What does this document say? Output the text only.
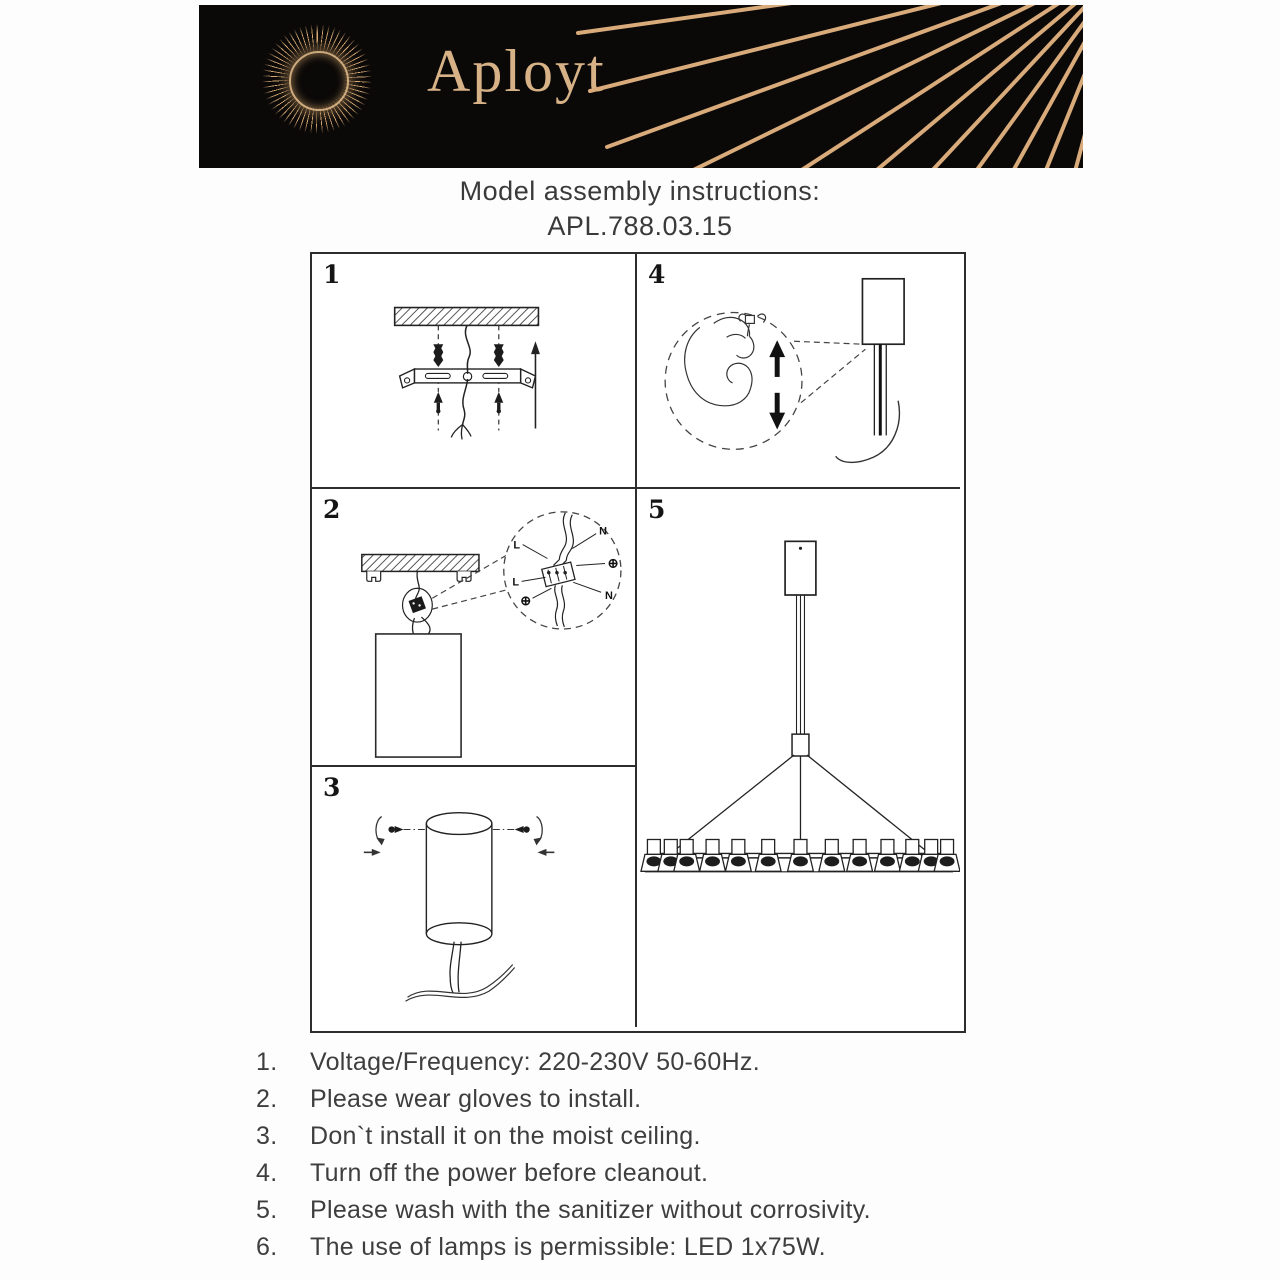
Aployt
Model assembly instructions:
APL.788.03.15
1
L
N
⊕
L
N
⊕
2
3
4
5
1.	Voltage/Frequency: 220-230V 50-60Hz.
2.	Please wear gloves to install.
3.	Don`t install it on the moist ceiling.
4.	Turn off the power before cleanout.
5.	Please wash with the sanitizer without corrosivity.
6.	The use of lamps is permissible: LED 1x75W.
